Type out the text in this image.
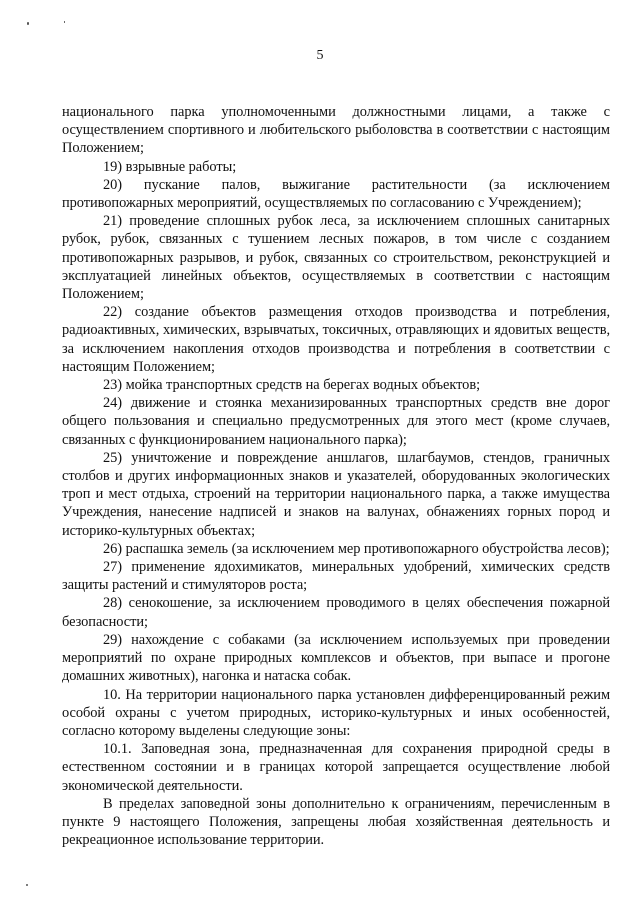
5

национального парка уполномоченными должностными лицами, а также с осуществлением спортивного и любительского рыболовства в соответствии с настоящим Положением;

19) взрывные работы;

20) пускание палов, выжигание растительности (за исключением противопожарных мероприятий, осуществляемых по согласованию с Учреждением);

21) проведение сплошных рубок леса, за исключением сплошных санитарных рубок, рубок, связанных с тушением лесных пожаров, в том числе с созданием противопожарных разрывов, и рубок, связанных со строительством, реконструкцией и эксплуатацией линейных объектов, осуществляемых в соответствии с настоящим Положением;

22) создание объектов размещения отходов производства и потребления, радиоактивных, химических, взрывчатых, токсичных, отравляющих и ядовитых веществ, за исключением накопления отходов производства и потребления в соответствии с настоящим Положением;

23) мойка транспортных средств на берегах водных объектов;

24) движение и стоянка механизированных транспортных средств вне дорог общего пользования и специально предусмотренных для этого мест (кроме случаев, связанных с функционированием национального парка);

25) уничтожение и повреждение аншлагов, шлагбаумов, стендов, граничных столбов и других информационных знаков и указателей, оборудованных экологических троп и мест отдыха, строений на территории национального парка, а также имущества Учреждения, нанесение надписей и знаков на валунах, обнажениях горных пород и историко-культурных объектах;

26) распашка земель (за исключением мер противопожарного обустройства лесов);

27) применение ядохимикатов, минеральных удобрений, химических средств защиты растений и стимуляторов роста;

28) сенокошение, за исключением проводимого в целях обеспечения пожарной безопасности;

29) нахождение с собаками (за исключением используемых при проведении мероприятий по охране природных комплексов и объектов, при выпасе и прогоне домашних животных), нагонка и натаска собак.

10. На территории национального парка установлен дифференцированный режим особой охраны с учетом природных, историко-культурных и иных особенностей, согласно которому выделены следующие зоны:

10.1. Заповедная зона, предназначенная для сохранения природной среды в естественном состоянии и в границах которой запрещается осуществление любой экономической деятельности.

В пределах заповедной зоны дополнительно к ограничениям, перечисленным в пункте 9 настоящего Положения, запрещены любая хозяйственная деятельность и рекреационное использование территории.
